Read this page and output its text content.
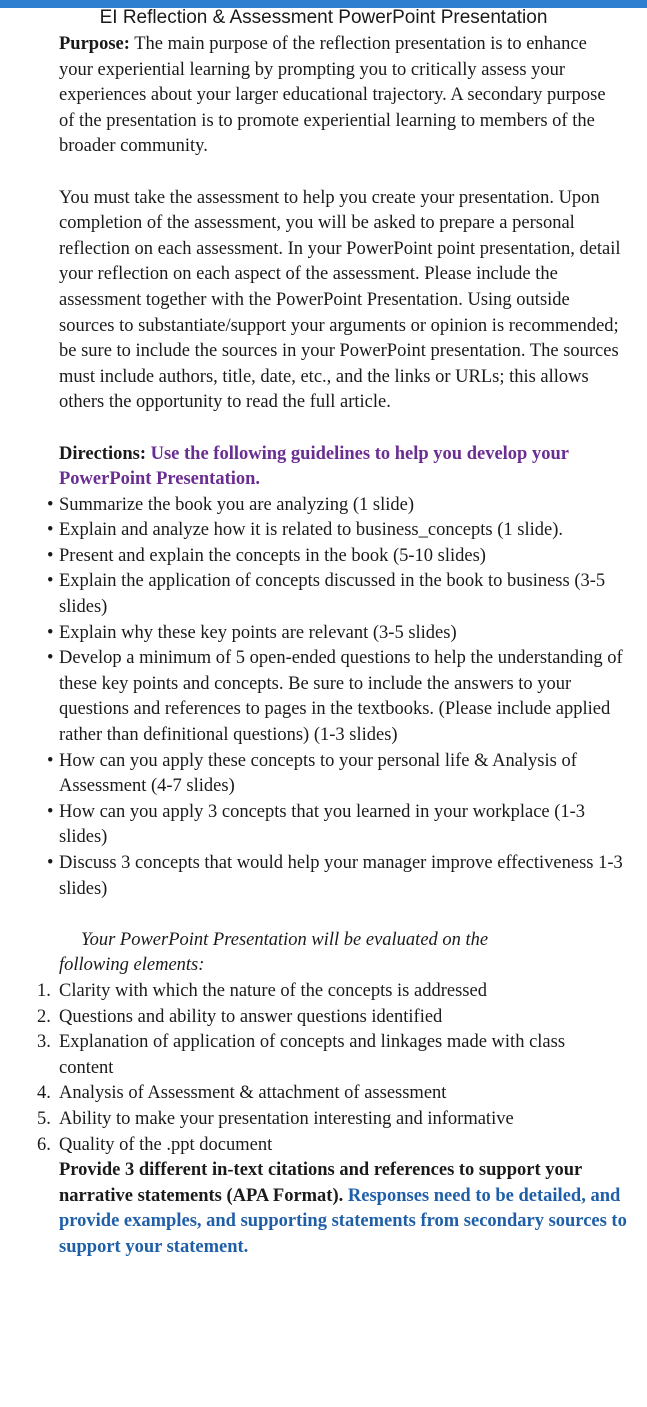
EI Reflection & Assessment PowerPoint Presentation

Purpose: The main purpose of the reflection presentation is to enhance your experiential learning by prompting you to critically assess your experiences about your larger educational trajectory. A secondary purpose of the presentation is to promote experiential learning to members of the broader community.

You must take the assessment to help you create your presentation. Upon completion of the assessment, you will be asked to prepare a personal reflection on each assessment. In your PowerPoint point presentation, detail your reflection on each aspect of the assessment. Please include the assessment together with the PowerPoint Presentation. Using outside sources to substantiate/support your arguments or opinion is recommended; be sure to include the sources in your PowerPoint presentation. The sources must include authors, title, date, etc., and the links or URLs; this allows others the opportunity to read the full article.

Directions: Use the following guidelines to help you develop your PowerPoint Presentation.

• Summarize the book you are analyzing (1 slide)
• Explain and analyze how it is related to business_concepts (1 slide).
• Present and explain the concepts in the book (5-10 slides)
• Explain the application of concepts discussed in the book to business (3-5 slides)
• Explain why these key points are relevant (3-5 slides)
• Develop a minimum of 5 open-ended questions to help the understanding of these key points and concepts. Be sure to include the answers to your questions and references to pages in the textbooks. (Please include applied rather than definitional questions) (1-3 slides)
• How can you apply these concepts to your personal life & Analysis of Assessment (4-7 slides)
• How can you apply 3 concepts that you learned in your workplace (1-3 slides)
• Discuss 3 concepts that would help your manager improve effectiveness 1-3 slides)
Your PowerPoint Presentation will be evaluated on the
following elements:
1. Clarity with which the nature of the concepts is addressed
2. Questions and ability to answer questions identified
3. Explanation of application of concepts and linkages made with class content
4. Analysis of Assessment & attachment of assessment
5. Ability to make your presentation interesting and informative
6. Quality of the .ppt document

Provide 3 different in-text citations and references to support your narrative statements (APA Format). Responses need to be detailed, and provide examples, and supporting statements from secondary sources to support your statement.
